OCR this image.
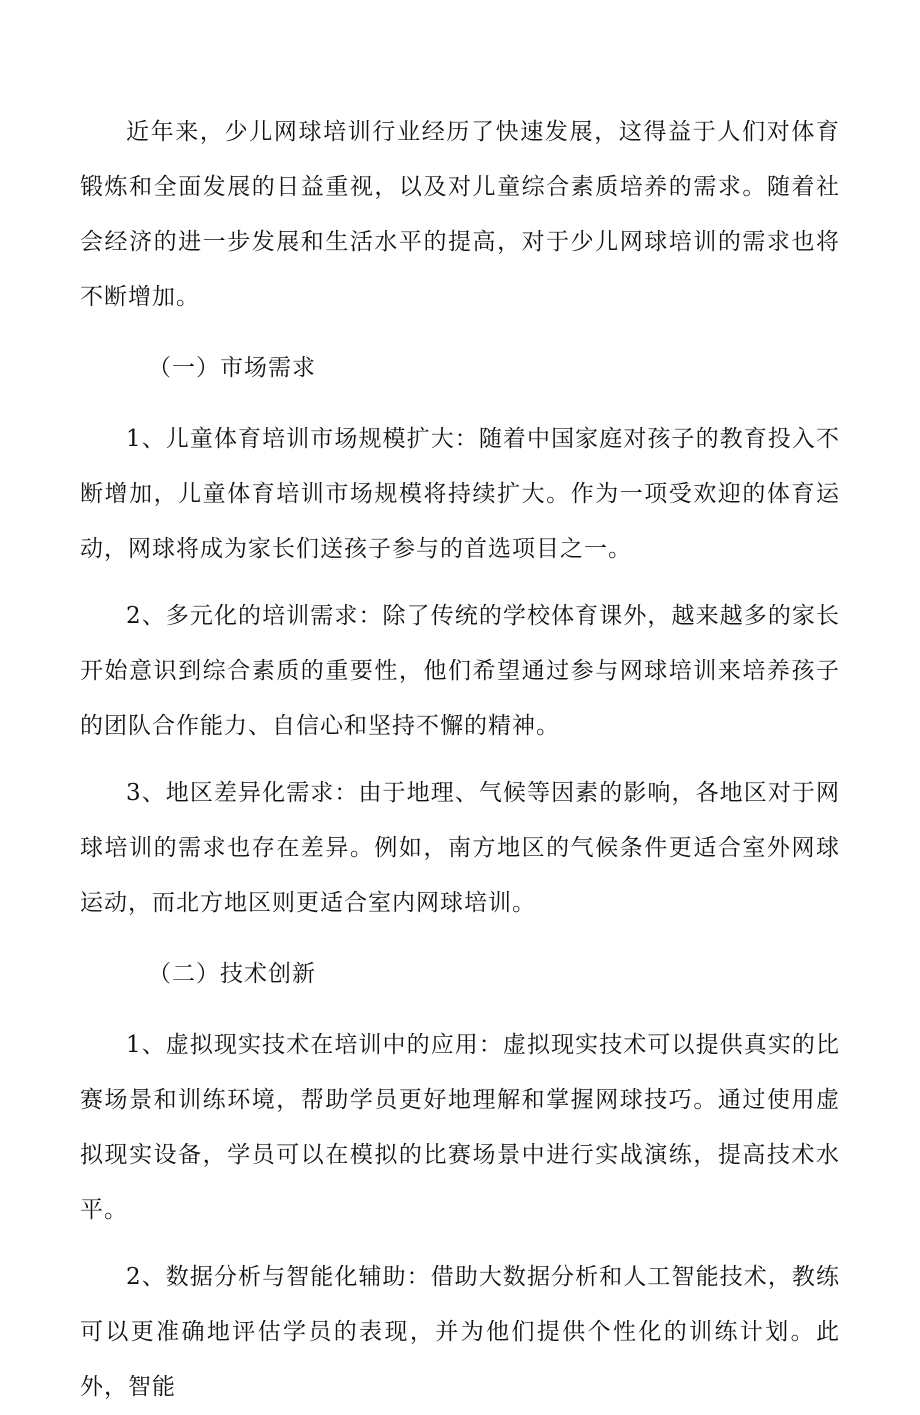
近年来，少儿网球培训行业经历了快速发展，这得益于人们对体育锻炼和全面发展的日益重视，以及对儿童综合素质培养的需求。随着社会经济的进一步发展和生活水平的提高，对于少儿网球培训的需求也将不断增加。

（一）市场需求

1、儿童体育培训市场规模扩大：随着中国家庭对孩子的教育投入不断增加，儿童体育培训市场规模将持续扩大。作为一项受欢迎的体育运动，网球将成为家长们送孩子参与的首选项目之一。

2、多元化的培训需求：除了传统的学校体育课外，越来越多的家长开始意识到综合素质的重要性，他们希望通过参与网球培训来培养孩子的团队合作能力、自信心和坚持不懈的精神。

3、地区差异化需求：由于地理、气候等因素的影响，各地区对于网球培训的需求也存在差异。例如，南方地区的气候条件更适合室外网球运动，而北方地区则更适合室内网球培训。

（二）技术创新

1、虚拟现实技术在培训中的应用：虚拟现实技术可以提供真实的比赛场景和训练环境，帮助学员更好地理解和掌握网球技巧。通过使用虚拟现实设备，学员可以在模拟的比赛场景中进行实战演练，提高技术水平。

2、数据分析与智能化辅助：借助大数据分析和人工智能技术，教练可以更准确地评估学员的表现，并为他们提供个性化的训练计划。此外，智能
